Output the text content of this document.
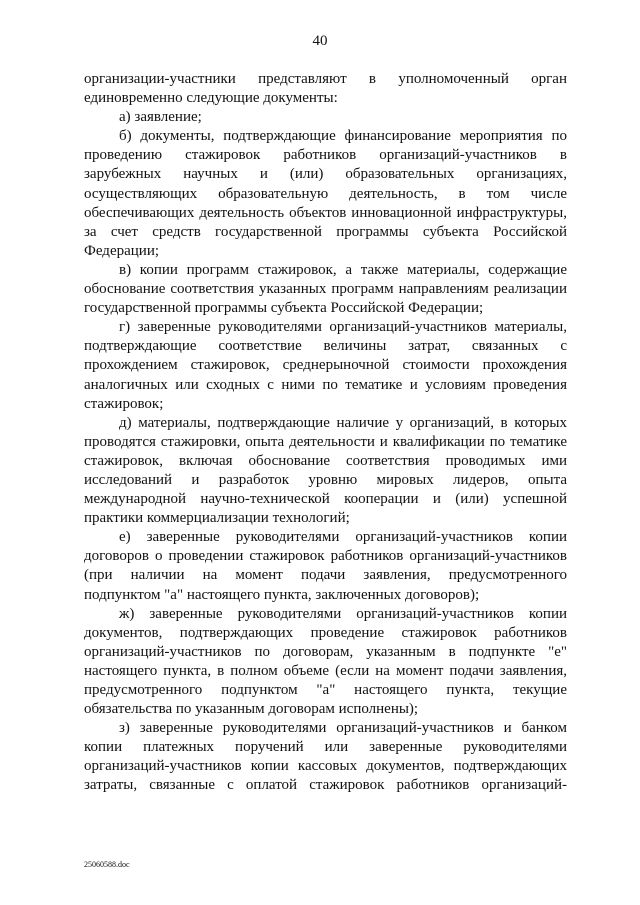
40
организации-участники представляют в уполномоченный орган
единовременно следующие документы:
а) заявление;
б) документы, подтверждающие финансирование мероприятия по
проведению стажировок работников организаций-участников в
зарубежных научных и (или) образовательных организациях,
осуществляющих образовательную деятельность, в том числе
обеспечивающих деятельность объектов инновационной инфраструктуры,
за счет средств государственной программы субъекта Российской
Федерации;
в) копии программ стажировок, а также материалы, содержащие
обоснование соответствия указанных программ направлениям реализации
государственной программы субъекта Российской Федерации;
г) заверенные руководителями организаций-участников материалы,
подтверждающие соответствие величины затрат, связанных с
прохождением стажировок, среднерыночной стоимости прохождения
аналогичных или сходных с ними по тематике и условиям проведения
стажировок;
д) материалы, подтверждающие наличие у организаций, в которых
проводятся стажировки, опыта деятельности и квалификации по тематике
стажировок, включая обоснование соответствия проводимых ими
исследований и разработок уровню мировых лидеров, опыта
международной научно-технической кооперации и (или) успешной
практики коммерциализации технологий;
е) заверенные руководителями организаций-участников копии
договоров о проведении стажировок работников организаций-участников
(при наличии на момент подачи заявления, предусмотренного
подпунктом "а" настоящего пункта, заключенных договоров);
ж) заверенные руководителями организаций-участников копии
документов, подтверждающих проведение стажировок работников
организаций-участников по договорам, указанным в подпункте "е"
настоящего пункта, в полном объеме (если на момент подачи заявления,
предусмотренного подпунктом "а" настоящего пункта, текущие
обязательства по указанным договорам исполнены);
з) заверенные руководителями организаций-участников и банком
копии платежных поручений или заверенные руководителями
организаций-участников копии кассовых документов, подтверждающих
затраты, связанные с оплатой стажировок работников организаций-
25060588.doc
